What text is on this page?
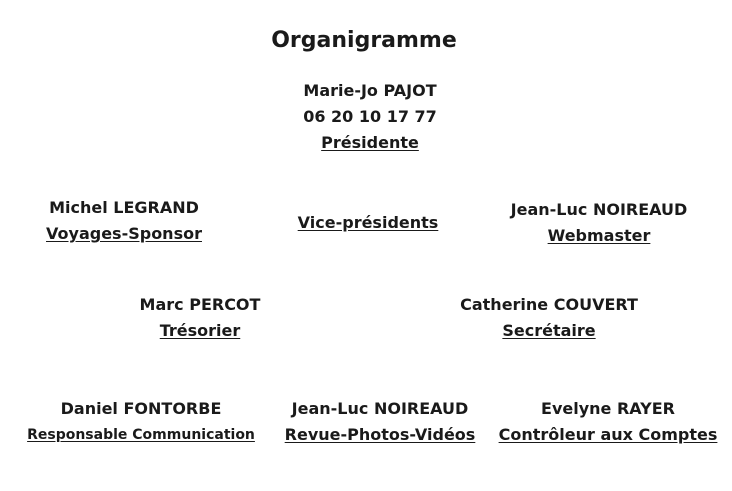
Organigramme
Marie-Jo PAJOT
06 20 10 17 77
Présidente
Michel LEGRAND
Voyages-Sponsor
Vice-présidents
Jean-Luc NOIREAUD
Webmaster
Marc PERCOT
Trésorier
Catherine COUVERT
Secrétaire
Daniel FONTORBE
Responsable Communication
Jean-Luc NOIREAUD
Revue-Photos-Vidéos
Evelyne RAYER
Contrôleur aux Comptes
